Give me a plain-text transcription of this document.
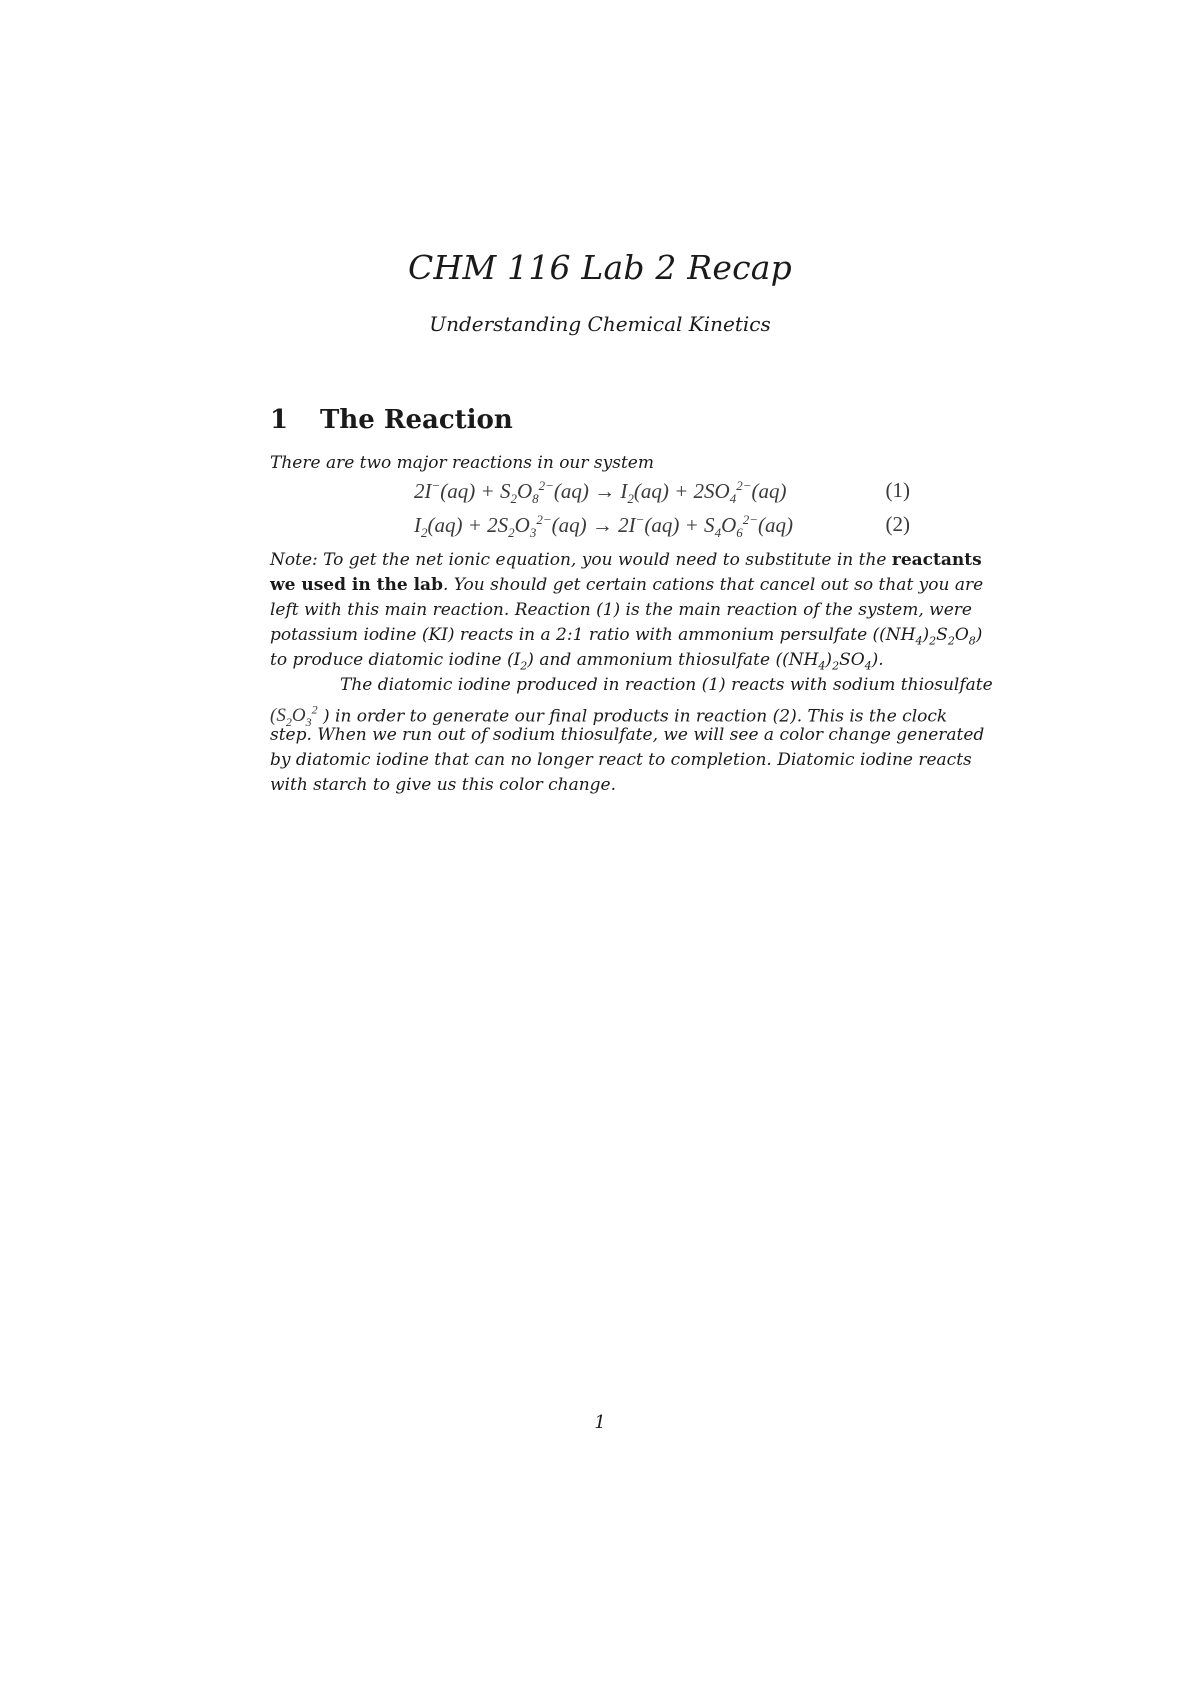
CHM 116 Lab 2 Recap
Understanding Chemical Kinetics
1 The Reaction
There are two major reactions in our system
$2I^-(aq) + S_2O_8^{2-}(aq) \to I_2(aq) + 2SO_4^{2-}(aq)$	(1)
$I_2(aq) + 2S_2O_3^{2-}(aq) \to 2I^-(aq) + S_4O_6^{2-}(aq)$	(2)
Note: To get the net ionic equation, you would need to substitute in the reactants
we used in the lab. You should get certain cations that cancel out so that you are
left with this main reaction. Reaction (1) is the main reaction of the system, were
potassium iodine (KI) reacts in a 2:1 ratio with ammonium persulfate $((NH_4)_2S_2O_8)$
to produce diatomic iodine $(I_2)$ and ammonium thiosulfate $((NH_4)_2SO_4)$.
The diatomic iodine produced in reaction (1) reacts with sodium thiosulfate
($S_2O_3^2$ ) in order to generate our final products in reaction (2). This is the clock
step. When we run out of sodium thiosulfate, we will see a color change generated
by diatomic iodine that can no longer react to completion. Diatomic iodine reacts
with starch to give us this color change.
1
